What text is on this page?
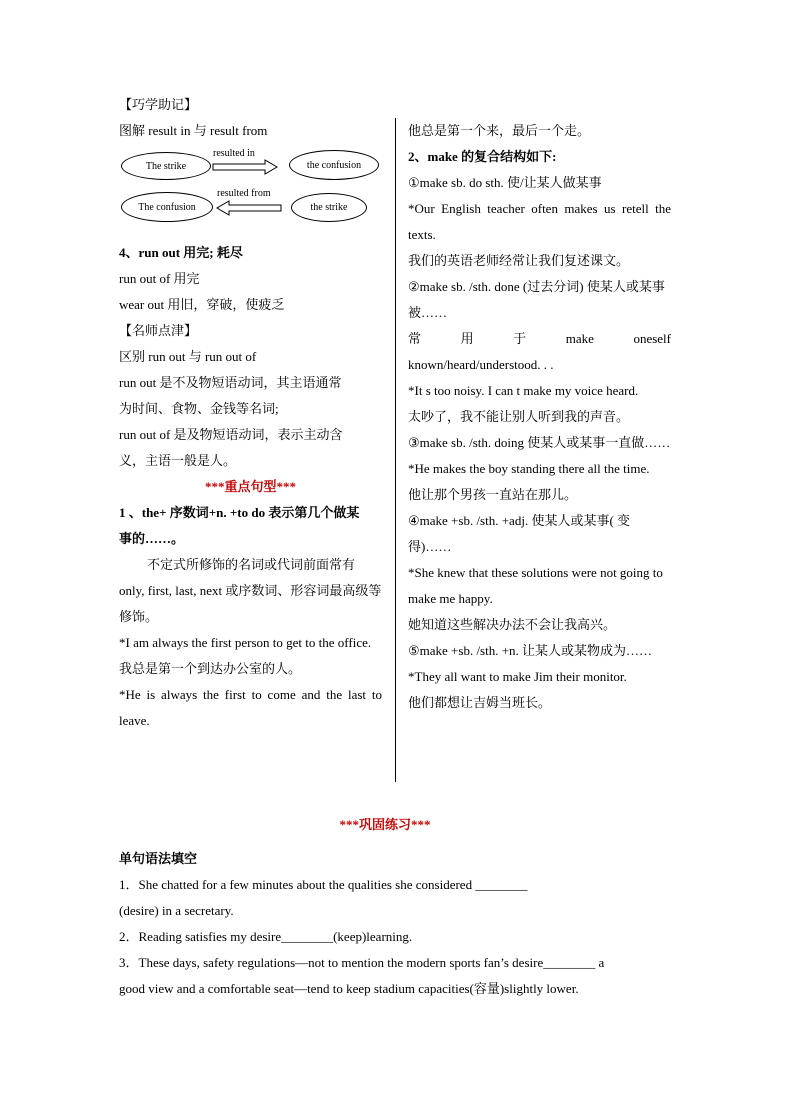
【巧学助记】
图解 result in 与 result from
The strike
resulted in
the confusion
The confusion
resulted from
the strike
4、run out 用完; 耗尽
run out of 用完
wear out 用旧，穿破，使疲乏
【名师点津】
区别 run out 与 run out of
run out 是不及物短语动词，其主语通常
为时间、食物、金钱等名词;
run out of 是及物短语动词，表示主动含
义，主语一般是人。
***重点句型***
1 、the+ 序数词+n. +to do 表示第几个做某
事的……。
不定式所修饰的名词或代词前面常有 only, first, last, next 或序数词、形容词最高级等修饰。
*I am always the first person to get to the office.
我总是第一个到达办公室的人。
*He is always the first to come and the last to leave.
他总是第一个来，最后一个走。
2、make 的复合结构如下:
①make sb. do sth. 使/让某人做某事
*Our English teacher often makes us retell the texts.
我们的英语老师经常让我们复述课文。
②make sb. /sth. done (过去分词) 使某人或某事被……
常	用	于	make	oneself
known/heard/understood. . .
*It s too noisy. I can t make my voice heard.
太吵了，我不能让别人听到我的声音。
③make sb. /sth. doing 使某人或某事一直做……
*He makes the boy standing there all the time.
他让那个男孩一直站在那儿。
④make +sb. /sth. +adj. 使某人或某事( 变得)……
*She knew that these solutions were not going to make me happy.
她知道这些解决办法不会让我高兴。
⑤make +sb. /sth. +n. 让某人或某物成为……
*They all want to make Jim their monitor.
他们都想让吉姆当班长。
***巩固练习***
单句语法填空
1．She chatted for a few minutes about the qualities she considered ________
(desire) in a secretary.
2．Reading satisfies my desire________(keep)learning.
3．These days, safety regulations—not to mention the modern sports fan’s desire________ a
good view and a comfortable seat—tend to keep stadium capacities(容量)slightly lower.
